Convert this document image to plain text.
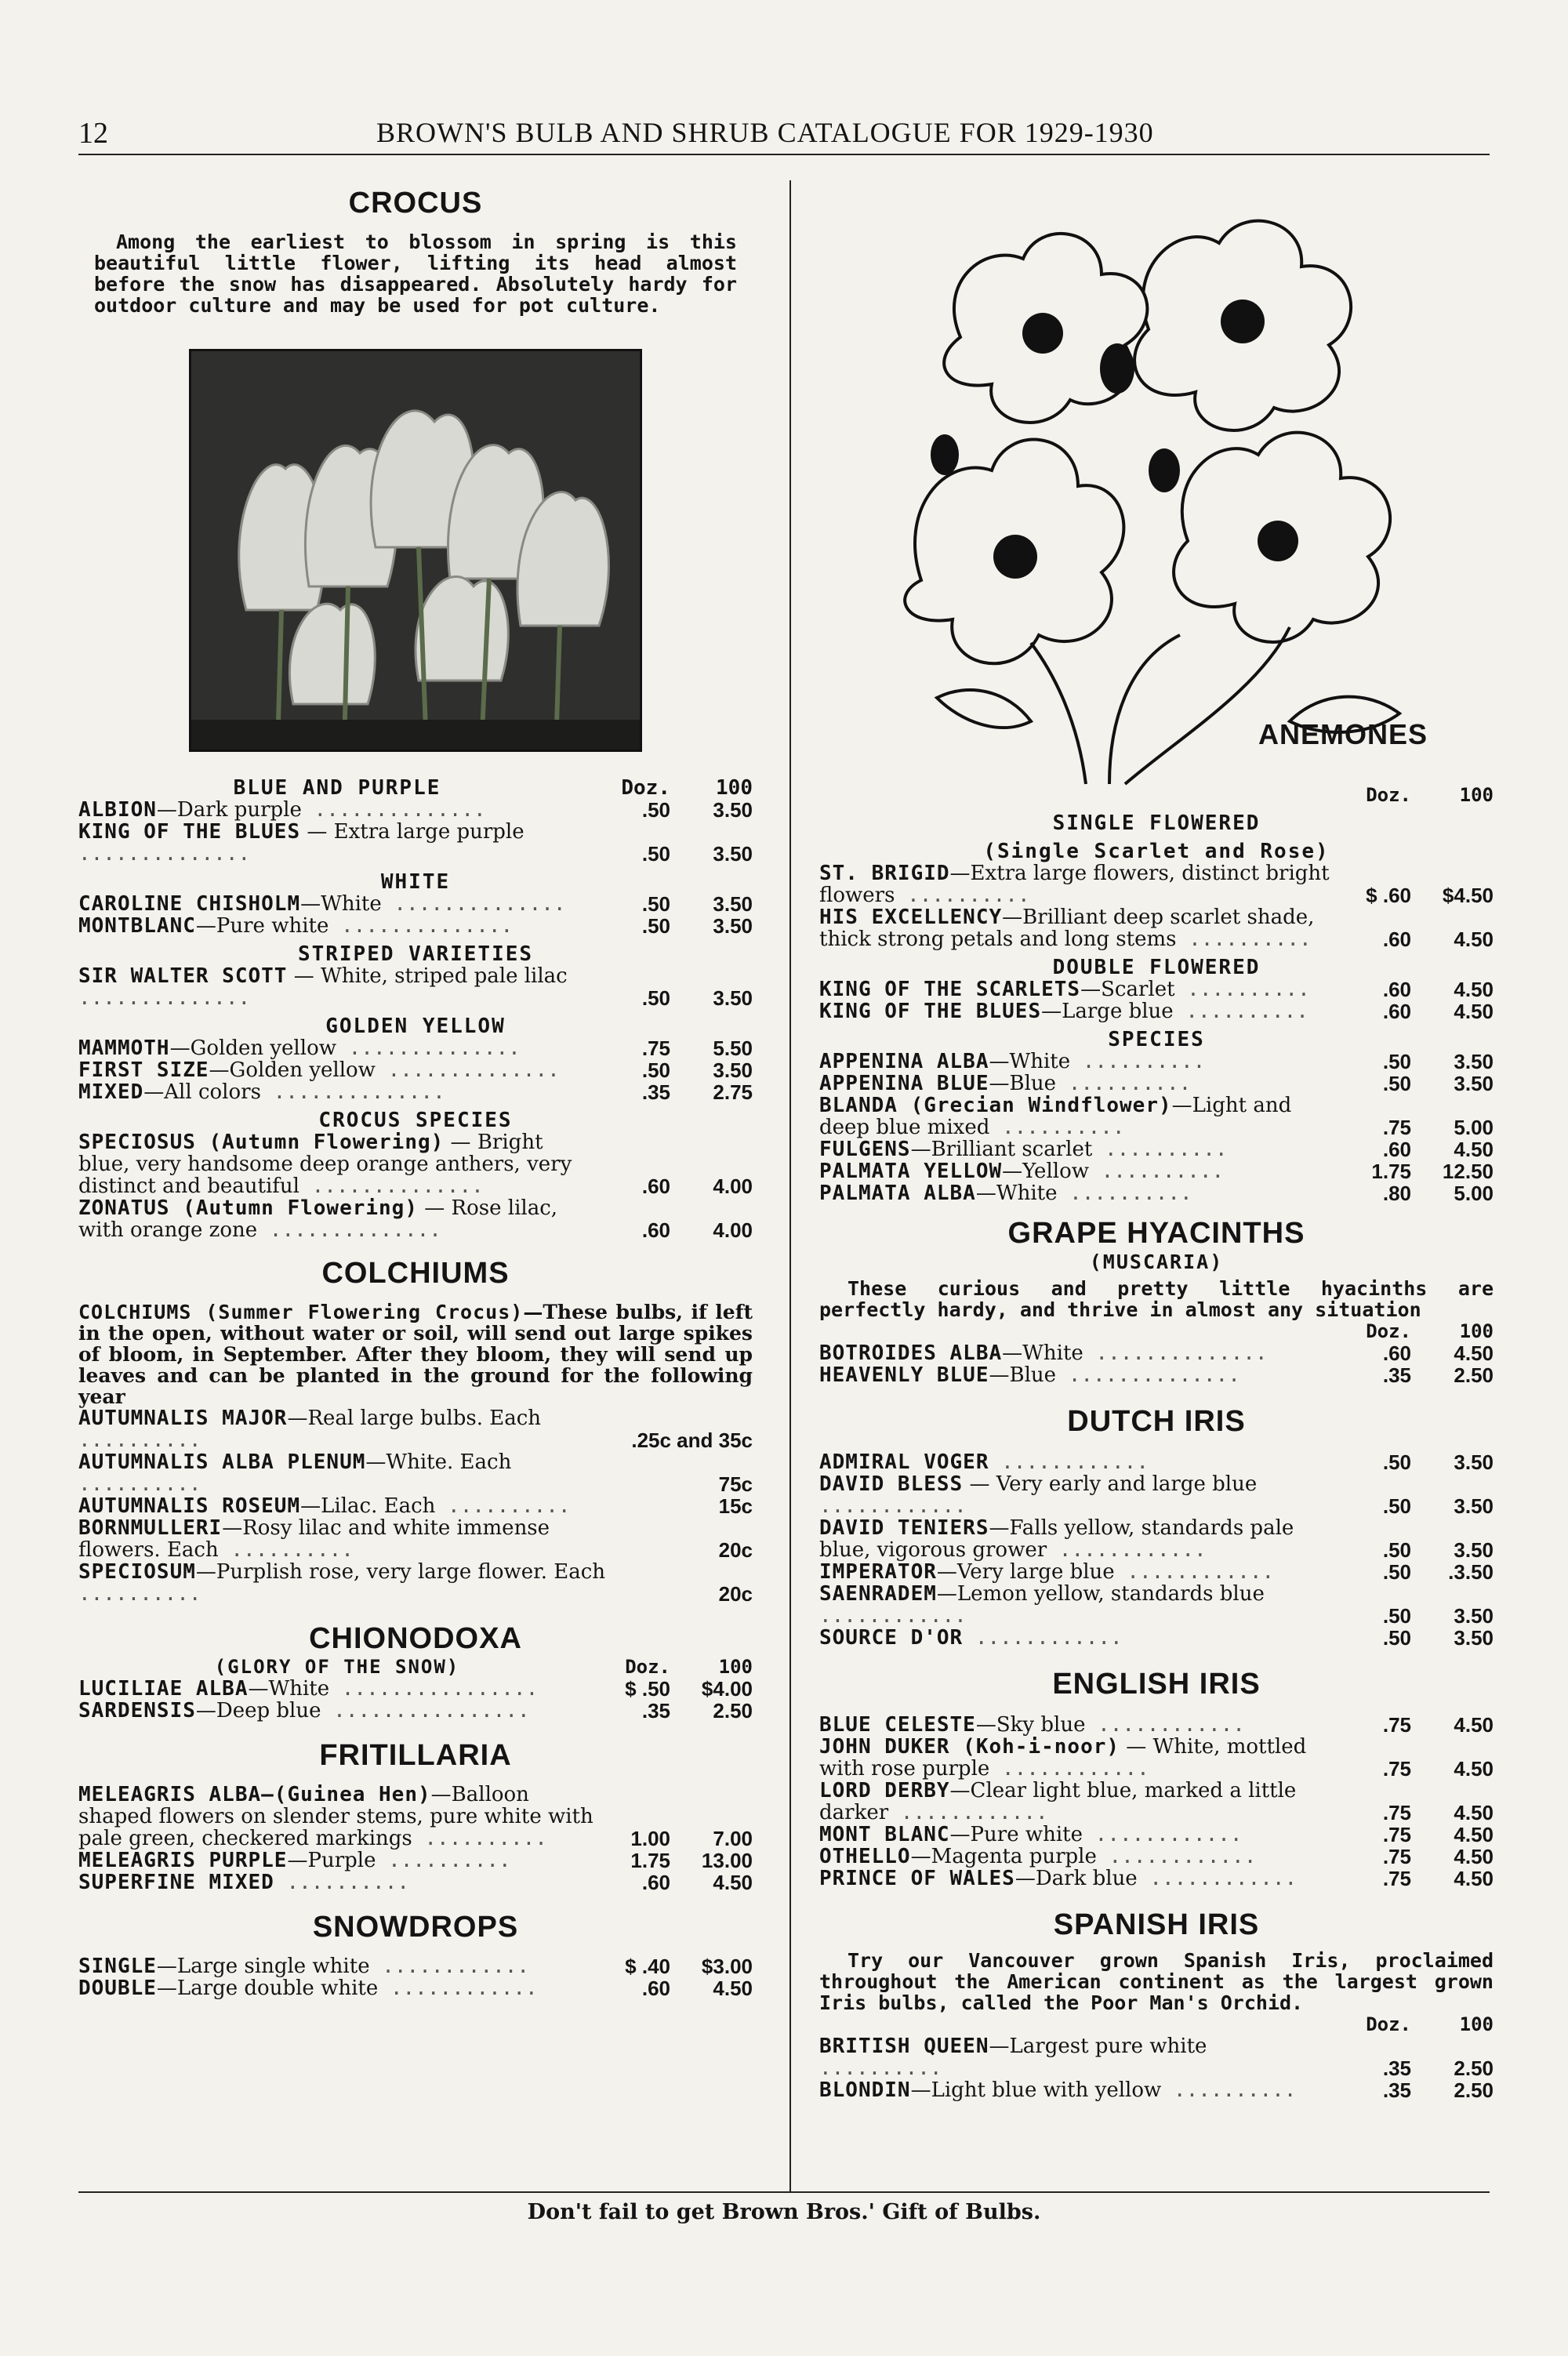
12	BROWN'S BULB AND SHRUB CATALOGUE FOR 1929-1930
CROCUS

Among the earliest to blossom in spring is this beautiful little flower, lifting its head almost before the snow has disappeared. Absolutely hardy for outdoor culture and may be used for pot culture.

BLUE AND PURPLE	Doz.	100
ALBION—Dark purple ..............	.50	3.50
KING OF THE BLUES — Extra large purple ..............	.50	3.50
WHITE		
CAROLINE CHISHOLM—White ..............	.50	3.50
MONTBLANC—Pure white ..............	.50	3.50
STRIPED VARIETIES		
SIR WALTER SCOTT — White, striped pale lilac ..............	.50	3.50
GOLDEN YELLOW		
MAMMOTH—Golden yellow ..............	.75	5.50
FIRST SIZE—Golden yellow ..............	.50	3.50
MIXED—All colors ..............	.35	2.75
CROCUS SPECIES		
SPECIOSUS (Autumn Flowering) — Bright blue, very handsome deep orange anthers, very distinct and beautiful ..............	.60	4.00
ZONATUS (Autumn Flowering) — Rose lilac, with orange zone ..............	.60	4.00
COLCHIUMS

COLCHIUMS (Summer Flowering Crocus)—These bulbs, if left in the open, without water or soil, will send out large spikes of bloom, in September. After they bloom, they will send up leaves and can be planted in the ground for the following year

AUTUMNALIS MAJOR—Real large bulbs. Each ..........	.25c and 35c
AUTUMNALIS ALBA PLENUM—White. Each ..........	75c
AUTUMNALIS ROSEUM—Lilac. Each ..........	15c
BORNMULLERI—Rosy lilac and white immense flowers. Each ..........	20c
SPECIOSUM—Purplish rose, very large flower. Each ..........	20c
CHIONODOXA
(GLORY OF THE SNOW)	Doz.	100
LUCILIAE ALBA—White ................	$ .50	$4.00
SARDENSIS—Deep blue ................	.35	2.50
FRITILLARIA
MELEAGRIS ALBA—(Guinea Hen)—Balloon shaped flowers on slender stems, pure white with pale green, checkered markings ..........	1.00	7.00
MELEAGRIS PURPLE—Purple ..........	1.75	13.00
SUPERFINE MIXED ..........	.60	4.50
SNOWDROPS
SINGLE—Large single white ............	$ .40	$3.00
DOUBLE—Large double white ............	.60	4.50
ANEMONES
	Doz.	100
SINGLE FLOWERED		
(Single Scarlet and Rose)		
ST. BRIGID—Extra large flowers, distinct bright flowers ..........	$ .60	$4.50
HIS EXCELLENCY—Brilliant deep scarlet shade, thick strong petals and long stems ..........	.60	4.50
DOUBLE FLOWERED		
KING OF THE SCARLETS—Scarlet ..........	.60	4.50
KING OF THE BLUES—Large blue ..........	.60	4.50
SPECIES		
APPENINA ALBA—White ..........	.50	3.50
APPENINA BLUE—Blue ..........	.50	3.50
BLANDA (Grecian Windflower)—Light and deep blue mixed ..........	.75	5.00
FULGENS—Brilliant scarlet ..........	.60	4.50
PALMATA YELLOW—Yellow ..........	1.75	12.50
PALMATA ALBA—White ..........	.80	5.00
GRAPE HYACINTHS
(MUSCARIA)

These curious and pretty little hyacinths are perfectly hardy, and thrive in almost any situation

	Doz.	100
BOTROIDES ALBA—White ..............	.60	4.50
HEAVENLY BLUE—Blue ..............	.35	2.50
DUTCH IRIS
ADMIRAL VOGER ............	.50	3.50
DAVID BLESS — Very early and large blue ............	.50	3.50
DAVID TENIERS—Falls yellow, standards pale blue, vigorous grower ............	.50	3.50
IMPERATOR—Very large blue ............	.50	.3.50
SAENRADEM—Lemon yellow, standards blue ............	.50	3.50
SOURCE D'OR ............	.50	3.50
ENGLISH IRIS
BLUE CELESTE—Sky blue ............	.75	4.50
JOHN DUKER (Koh-i-noor) — White, mottled with rose purple ............	.75	4.50
LORD DERBY—Clear light blue, marked a little darker ............	.75	4.50
MONT BLANC—Pure white ............	.75	4.50
OTHELLO—Magenta purple ............	.75	4.50
PRINCE OF WALES—Dark blue ............	.75	4.50
SPANISH IRIS

Try our Vancouver grown Spanish Iris, proclaimed throughout the American continent as the largest grown Iris bulbs, called the Poor Man's Orchid.

	Doz.	100
BRITISH QUEEN—Largest pure white ..........	.35	2.50
BLONDIN—Light blue with yellow ..........	.35	2.50
Don't fail to get Brown Bros.' Gift of Bulbs.
